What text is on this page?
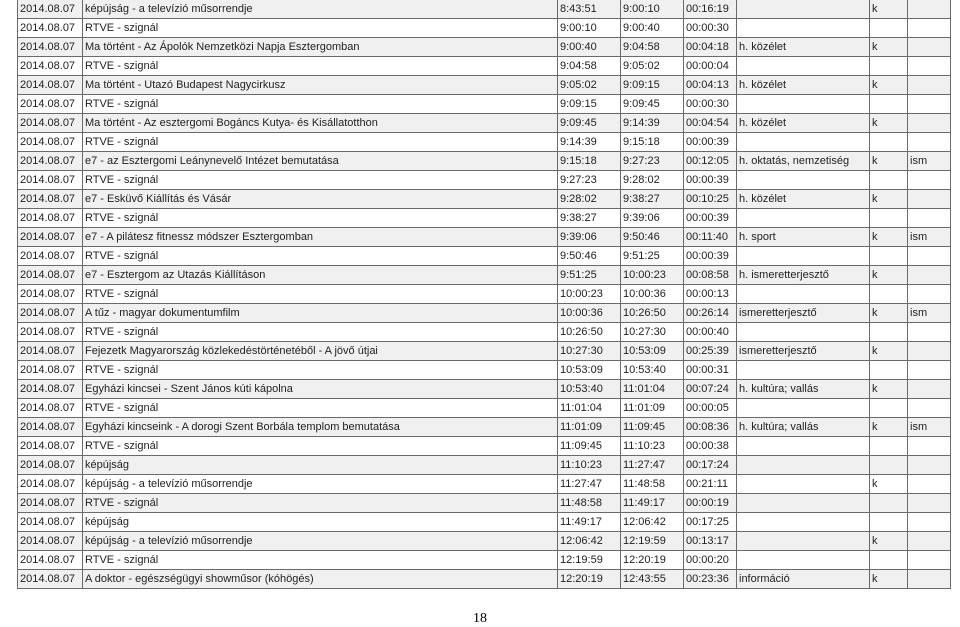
2014.08.07	képújság - a televízió műsorrendje	8:43:51	9:00:10	00:16:19		k	
2014.08.07	RTVE - szignál	9:00:10	9:00:40	00:00:30			
2014.08.07	Ma történt - Az Ápolók Nemzetközi Napja Esztergomban	9:00:40	9:04:58	00:04:18	h. közélet	k	
2014.08.07	RTVE - szignál	9:04:58	9:05:02	00:00:04			
2014.08.07	Ma történt - Utazó Budapest Nagycirkusz	9:05:02	9:09:15	00:04:13	h. közélet	k	
2014.08.07	RTVE - szignál	9:09:15	9:09:45	00:00:30			
2014.08.07	Ma történt - Az esztergomi Bogáncs Kutya- és Kisállatotthon	9:09:45	9:14:39	00:04:54	h. közélet	k	
2014.08.07	RTVE - szignál	9:14:39	9:15:18	00:00:39			
2014.08.07	e7 - az Esztergomi Leánynevelő Intézet bemutatása	9:15:18	9:27:23	00:12:05	h. oktatás, nemzetiség	k	ism
2014.08.07	RTVE - szignál	9:27:23	9:28:02	00:00:39			
2014.08.07	e7 - Esküvő Kiállítás és Vásár	9:28:02	9:38:27	00:10:25	h. közélet	k	
2014.08.07	RTVE - szignál	9:38:27	9:39:06	00:00:39			
2014.08.07	e7 - A pilátesz fitnessz módszer Esztergomban	9:39:06	9:50:46	00:11:40	h. sport	k	ism
2014.08.07	RTVE - szignál	9:50:46	9:51:25	00:00:39			
2014.08.07	e7 - Esztergom az Utazás Kiállításon	9:51:25	10:00:23	00:08:58	h. ismeretterjesztő	k	
2014.08.07	RTVE - szignál	10:00:23	10:00:36	00:00:13			
2014.08.07	A tűz - magyar dokumentumfilm	10:00:36	10:26:50	00:26:14	ismeretterjesztő	k	ism
2014.08.07	RTVE - szignál	10:26:50	10:27:30	00:00:40			
2014.08.07	Fejezetk Magyarország közlekedéstörténetéből - A jövő útjai	10:27:30	10:53:09	00:25:39	ismeretterjesztő	k	
2014.08.07	RTVE - szignál	10:53:09	10:53:40	00:00:31			
2014.08.07	Egyházi kincsei - Szent János kúti kápolna	10:53:40	11:01:04	00:07:24	h. kultúra; vallás	k	
2014.08.07	RTVE - szignál	11:01:04	11:01:09	00:00:05			
2014.08.07	Egyházi kincseink - A dorogi Szent Borbála templom bemutatása	11:01:09	11:09:45	00:08:36	h. kultúra; vallás	k	ism
2014.08.07	RTVE - szignál	11:09:45	11:10:23	00:00:38			
2014.08.07	képújság	11:10:23	11:27:47	00:17:24			
2014.08.07	képújság - a televízió műsorrendje	11:27:47	11:48:58	00:21:11		k	
2014.08.07	RTVE - szignál	11:48:58	11:49:17	00:00:19			
2014.08.07	képújság	11:49:17	12:06:42	00:17:25			
2014.08.07	képújság - a televízió műsorrendje	12:06:42	12:19:59	00:13:17		k	
2014.08.07	RTVE - szignál	12:19:59	12:20:19	00:00:20			
2014.08.07	A doktor - egészségügyi showműsor (kóhögés)	12:20:19	12:43:55	00:23:36	információ	k	
18
